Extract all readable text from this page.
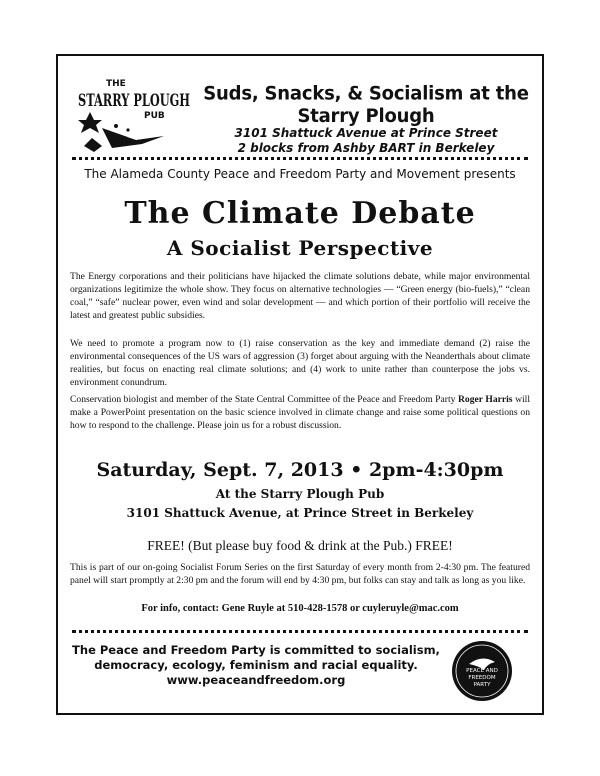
THE
STARRY PLOUGH
PUB
Suds, Snacks, & Socialism at the Starry Plough
3101 Shattuck Avenue at Prince Street
2 blocks from Ashby BART in Berkeley
The Alameda County Peace and Freedom Party and Movement presents
The Climate Debate
A Socialist Perspective
The Energy corporations and their politicians have hijacked the climate solutions debate, while major environmental organizations legitimize the whole show. They focus on alternative technologies — “Green energy (bio-fuels),” “clean coal,” “safe” nuclear power, even wind and solar development — and which portion of their portfolio will receive the latest and greatest public subsidies.
We need to promote a program now to (1) raise conservation as the key and immediate demand (2) raise the environmental consequences of the US wars of aggression (3) forget about arguing with the Neanderthals about climate realities, but focus on enacting real climate solutions; and (4) work to unite rather than counterpose the jobs vs. environment conundrum.
Conservation biologist and member of the State Central Committee of the Peace and Freedom Party Roger Harris will make a PowerPoint presentation on the basic science involved in climate change and raise some political questions on how to respond to the challenge. Please join us for a robust discussion.
Saturday, Sept. 7, 2013 • 2pm-4:30pm
At the Starry Plough Pub
3101 Shattuck Avenue, at Prince Street in Berkeley
FREE! (But please buy food & drink at the Pub.) FREE!
This is part of our on-going Socialist Forum Series on the first Saturday of every month from 2-4:30 pm. The featured panel will start promptly at 2:30 pm and the forum will end by 4:30 pm, but folks can stay and talk as long as you like.
For info, contact: Gene Ruyle at 510-428-1578 or cuyleruyle@mac.com
The Peace and Freedom Party is committed to socialism,
democracy, ecology, feminism and racial equality.
www.peaceandfreedom.org
PEACE AND
FREEDOM
PARTY
